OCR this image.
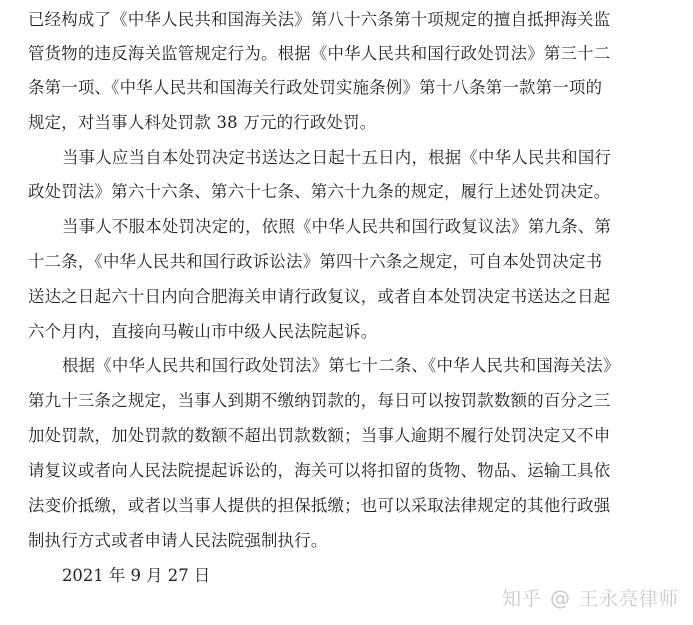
已经构成了《中华人民共和国海关法》第八十六条第十项规定的擅自抵押海关监
管货物的违反海关监管规定行为。根据《中华人民共和国行政处罚法》第三十二
条第一项、《中华人民共和国海关行政处罚实施条例》第十八条第一款第一项的
规定，对当事人科处罚款 38 万元的行政处罚。
当事人应当自本处罚决定书送达之日起十五日内，根据《中华人民共和国行
政处罚法》第六十六条、第六十七条、第六十九条的规定，履行上述处罚决定。
当事人不服本处罚决定的，依照《中华人民共和国行政复议法》第九条、第
十二条，《中华人民共和国行政诉讼法》第四十六条之规定，可自本处罚决定书
送达之日起六十日内向合肥海关申请行政复议，或者自本处罚决定书送达之日起
六个月内，直接向马鞍山市中级人民法院起诉。
根据《中华人民共和国行政处罚法》第七十二条、《中华人民共和国海关法》
第九十三条之规定，当事人到期不缴纳罚款的，每日可以按罚款数额的百分之三
加处罚款，加处罚款的数额不超出罚款数额；当事人逾期不履行处罚决定又不申
请复议或者向人民法院提起诉讼的，海关可以将扣留的货物、物品、运输工具依
法变价抵缴，或者以当事人提供的担保抵缴；也可以采取法律规定的其他行政强
制执行方式或者申请人民法院强制执行。
2021 年 9 月 27 日
知乎 @ 王永亮律师
